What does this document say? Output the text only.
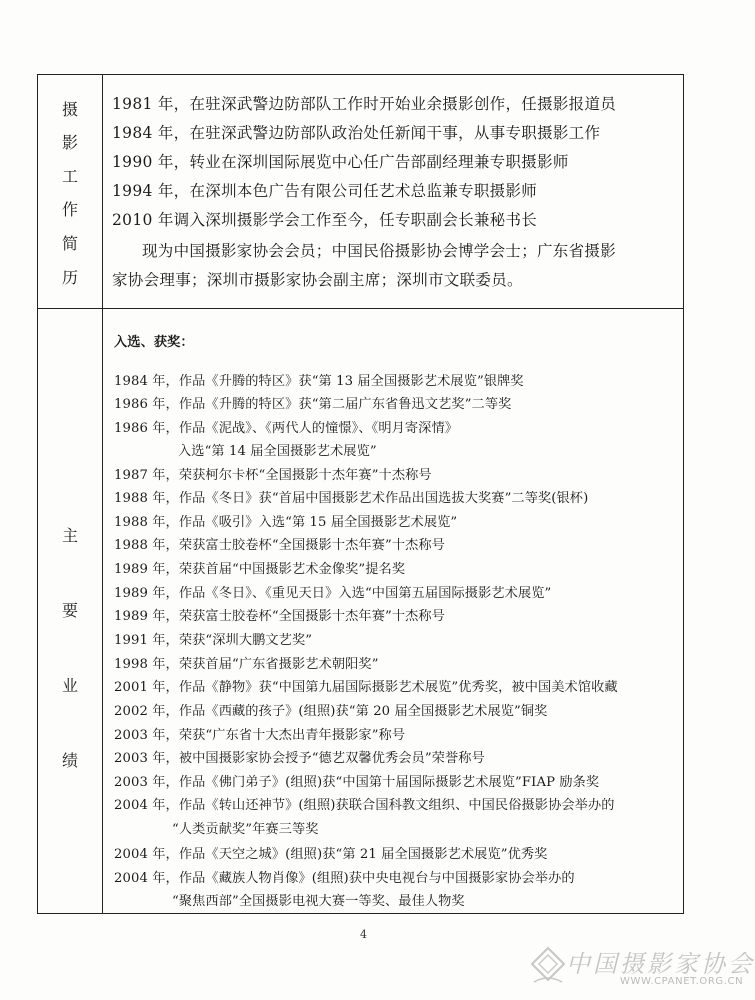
摄
影
工
作
简
历
1981 年，在驻深武警边防部队工作时开始业余摄影创作，任摄影报道员
1984 年，在驻深武警边防部队政治处任新闻干事，从事专职摄影工作
1990 年，转业在深圳国际展览中心任广告部副经理兼专职摄影师
1994 年，在深圳本色广告有限公司任艺术总监兼专职摄影师
2010 年调入深圳摄影学会工作至今，任专职副会长兼秘书长
现为中国摄影家协会会员；中国民俗摄影协会博学会士；广东省摄影
家协会理事；深圳市摄影家协会副主席；深圳市文联委员。
主
要
业
绩
入选、获奖：
1984 年，作品《升腾的特区》获“第 13 届全国摄影艺术展览”银牌奖
1986 年，作品《升腾的特区》获“第二届广东省鲁迅文艺奖”二等奖
1986 年，作品《泥战》、《两代人的憧憬》、《明月寄深情》
入选“第 14 届全国摄影艺术展览”
1987 年，荣获柯尔卡杯“全国摄影十杰年赛”十杰称号
1988 年，作品《冬日》获“首届中国摄影艺术作品出国选拔大奖赛”二等奖(银杯)
1988 年，作品《吸引》入选“第 15 届全国摄影艺术展览”
1988 年，荣获富士胶卷杯“全国摄影十杰年赛”十杰称号
1989 年，荣获首届“中国摄影艺术金像奖”提名奖
1989 年，作品《冬日》、《重见天日》入选“中国第五届国际摄影艺术展览”
1989 年，荣获富士胶卷杯“全国摄影十杰年赛”十杰称号
1991 年，荣获“深圳大鹏文艺奖”
1998 年，荣获首届“广东省摄影艺术朝阳奖”
2001 年，作品《静物》获“中国第九届国际摄影艺术展览”优秀奖，被中国美术馆收藏
2002 年，作品《西藏的孩子》(组照)获“第 20 届全国摄影艺术展览”铜奖
2003 年，荣获“广东省十大杰出青年摄影家”称号
2003 年，被中国摄影家协会授予“德艺双馨优秀会员”荣誉称号
2003 年，作品《佛门弟子》(组照)获“中国第十届国际摄影艺术展览”FIAP 励条奖
2004 年，作品《转山还神节》(组照)获联合国科教文组织、中国民俗摄影协会举办的
“人类贡献奖”年赛三等奖
2004 年，作品《天空之城》(组照)获“第 21 届全国摄影艺术展览”优秀奖
2004 年，作品《藏族人物肖像》(组照)获中央电视台与中国摄影家协会举办的
“聚焦西部”全国摄影电视大赛一等奖、最佳人物奖
4
中国摄影家协会
WWW.CPANET.ORG.CN
